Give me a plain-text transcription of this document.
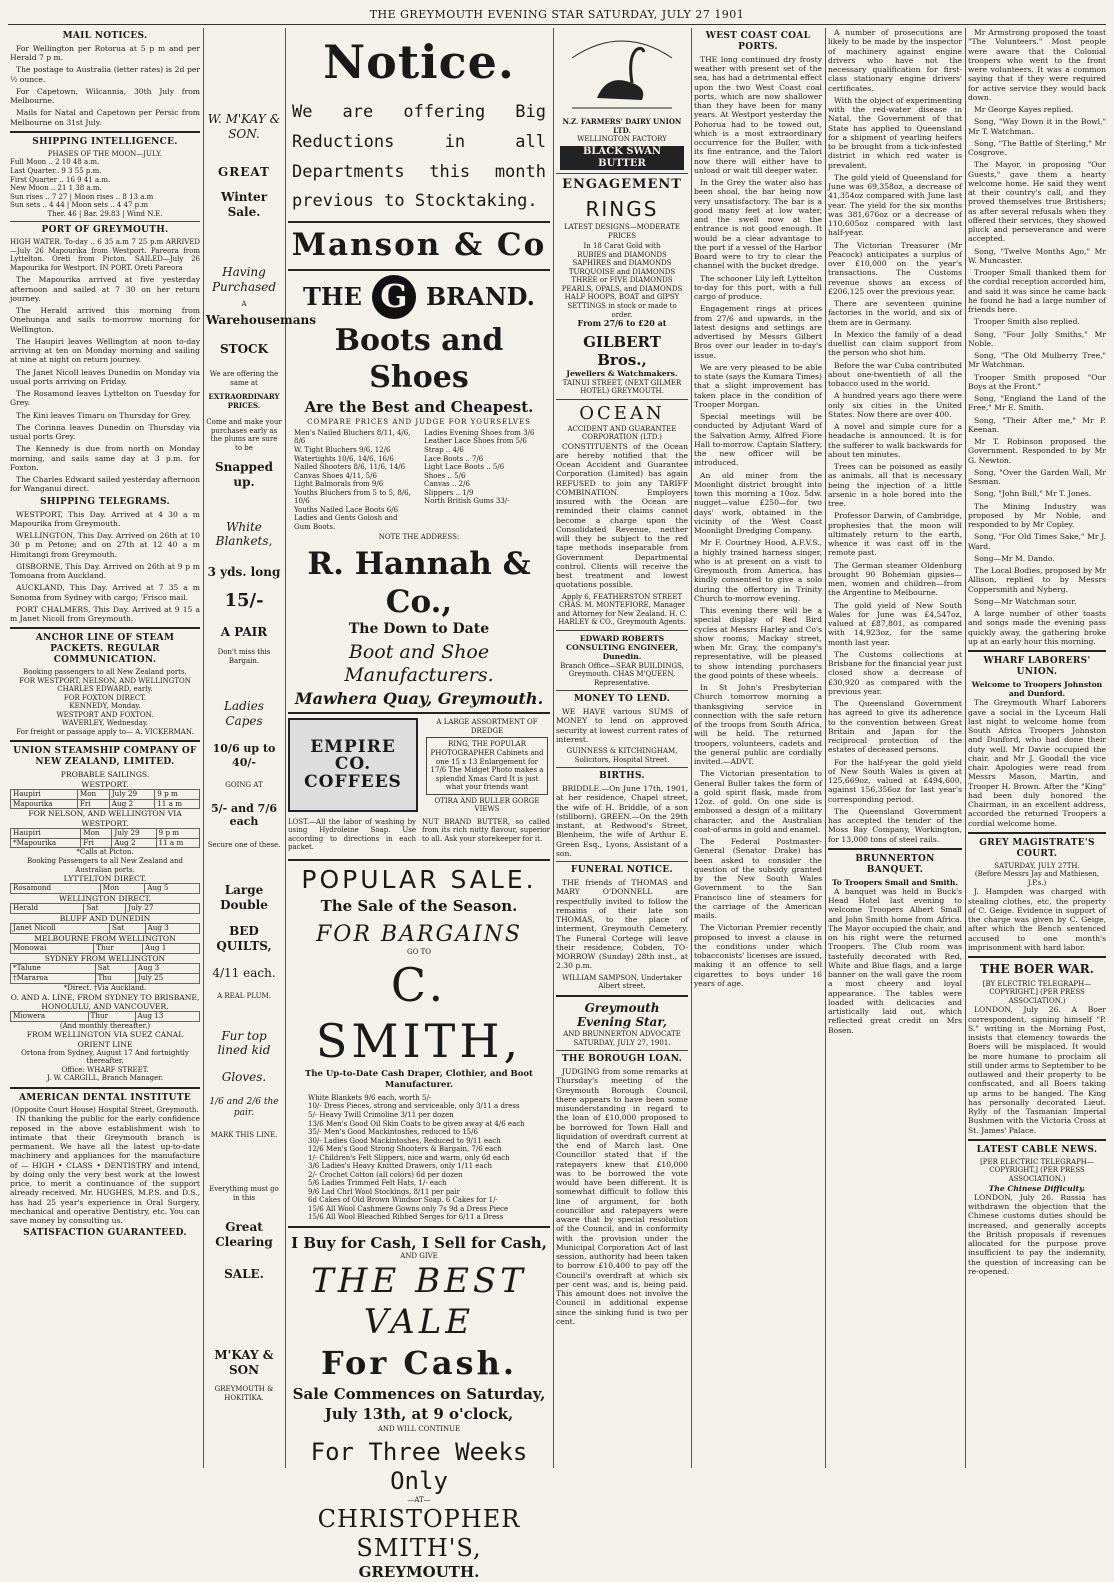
THE GREYMOUTH EVENING STAR SATURDAY, JULY 27 1901
MAIL NOTICES.
For Wellington per Rotorua at 5 p m and per Herald 7 p m.
The postage to Australia (letter rates) is 2d per ½ ounce.
For Capetown, Wilcannia, 30th July from Melbourne.
Mails for Natal and Capetown per Persic from Melbourne on 31st July.
SHIPPING INTELLIGENCE.
PHASES OF THE MOON—JULY.
Full Moon .. 2 10 48 a.m.
Last Quarter.. 9 3 55 p.m.
First Quarter .. 16 9 41 a.m.
New Moon .. 21 1 38 a.m.
Sun rises .. 7 27 | Moon rises .. 8 13 a.m
Sun sets .. 4 44 | Moon sets .. 4 47 p.m
Ther. 46 | Bar. 29.83 | Wind N.E.
PORT OF GREYMOUTH.
HIGH WATER. To-day .. 6 35 a.m 7 25 p.m ARRIVED—July 26 Mapourika from Westport. Pareora from Lyttelton. Oreti from Picton. SAILED—July 26 Mapourika for Westport. IN PORT. Oreti Pareora
The Mapourika arrived at five yesterday afternoon and sailed at 7 30 on her return journey.
The Herald arrived this morning from Onehunga and sails to-morrow morning for Wellington.
The Haupiri leaves Wellington at noon to-day arriving at ten on Monday morning and sailing at nine at night on return journey.
The Janet Nicoll leaves Dunedin on Monday via usual ports arriving on Friday.
The Rosamond leaves Lyttelton on Tuesday for Grey.
The Kini leaves Timaru on Thursday for Grey.
The Corinna leaves Dunedin on Thursday via usual ports Grey.
The Kennedy is due from north on Monday morning, and sails same day at 3 p.m. for Foxton.
The Charles Edward sailed yesterday afternoon for Wanganui direct.
SHIPPING TELEGRAMS.
WESTPORT, This Day. Arrived at 4 30 a m Mapourika from Greymouth.
WELLINGTON, This Day. Arrived on 26th at 10 30 p m Petone; and on 27th at 12 40 a m Himitangi from Greymouth.
GISBORNE, This Day. Arrived on 26th at 9 p m Tomoana from Auckland.
AUCKLAND, This Day. Arrived at 7 35 a m Sonoma from Sydney with cargo; 'Frisco mail.
PORT CHALMERS, This Day. Arrived at 9 15 a m Janet Nicoll from Greymouth.
ANCHOR LINE OF STEAM PACKETS. REGULAR COMMUNICATION.
Booking passengers to all New Zealand ports.
FOR WESTPORT, NELSON, AND WELLINGTON
CHARLES EDWARD, early.
FOR FOXTON DIRECT.
KENNEDY, Monday.
WESTPORT AND FOXTON.
WAVERLEY, Wednesday.
For freight or passage apply to— A. VICKERMAN.
UNION STEAMSHIP COMPANY OF NEW ZEALAND, LIMITED.
PROBABLE SAILINGS.
WESTPORT.
Haupiri	Mon	July 29	9 p m
Mapourika	Fri	Aug 2	11 a m
FOR NELSON, AND WELLINGTON VIA WESTPORT.
Haupiri	Mon	July 29	9 p m
*Mapourika	Fri	Aug 2	11 a m
*Calls at Picton.
Booking Passengers to all New Zealand and Australian ports.
LYTTELTON DIRECT.
Rosamond	Mon	Aug 5
WELLINGTON DIRECT.
Herald	Sat	July 27
BLUFF AND DUNEDIN
Janet Nicoll	Sat	Aug 3
MELBOURNE FROM WELLINGTON
Monowai	Thur	Aug 1
SYDNEY FROM WELLINGTON
*Talune	Sat	Aug 3
†Mararoa	Thu	July 25
*Direct. †Via Auckland.
O. AND A. LINE, FROM SYDNEY TO BRISBANE, HONOLULU, AND VANCOUVER.
Miowera	Thur	Aug 13
(And monthly thereafter.)
FROM WELLINGTON VIA SUEZ CANAL ORIENT LINE
Ortona from Sydney, August 17 And fortnightly thereafter.
Office: WHARF STREET.
J. W. CARGILL, Branch Manager.
AMERICAN DENTAL INSTITUTE
(Opposite Court House) Hospital Street, Greymouth.
IN thanking the public for the early confidence reposed in the above establishment wish to intimate that their Greymouth branch is permanent. We have all the latest up-to-date machinery and appliances for the manufacture of — HIGH • CLASS • DENTISTRY and intend, by doing only the very best work at the lowest price, to merit a continuance of the support already received. Mr. HUGHES, M.P.S. and D.S., has had 25 year's experience in Oral Surgery, mechanical and operative Dentistry, etc. You can save money by consulting us.
SATISFACTION GUARANTEED.
W. M'KAY & SON.
GREAT
Winter Sale.
Having Purchased
A
Warehousemans
STOCK
We are offering the same at
EXTRAORDINARY PRICES.
Come and make your purchases early as the plums are sure to be
Snapped up.
White Blankets,
3 yds. long
15/-
A PAIR
Don't miss this Bargain.
Ladies Capes
10/6 up to 40/-
GOING AT
5/- and 7/6 each
Secure one of these.
Large Double
BED QUILTS,
4/11 each.
A REAL PLUM.
Fur top lined kid
Gloves.
1/6 and 2/6 the pair.
MARK THIS LINE.
Everything must go in this
Great Clearing
SALE.
M'KAY & SON
GREYMOUTH & HOKITIKA.
Notice.
We are offering Big Reductions in all Departments this month previous to Stocktaking.
Manson & Co
THE G BRAND.
Boots and Shoes
Are the Best and Cheapest.
COMPARE PRICES AND JUDGE FOR YOURSELVES
Men's Nailed Bluchers 8/11, 4/6, 8/6
W. Tight Bluchers 9/6, 12/6
Watertights 10/6, 14/6, 16/6
Nailed Shooters 8/6, 11/6, 14/6
Canvas Shoes 4/11, 5/6
Light Balmorals from 9/6
Youths Bluchers from 5 to 5, 8/6, 10/6
Youths Nailed Lace Boots 6/6
Ladies and Gents Golosh and Gum Boots.
Ladies Evening Shoes from 3/6
Leather Lace Shoes from 5/6
Strap .. 4/6
Lace Boots .. 7/6
Light Lace Boots .. 5/6
Shoes .. 5/6
Canvas .. 2/6
Slippers .. 1/9
North British Gums 33/-
NOTE THE ADDRESS:
R. Hannah & Co.,
The Down to Date
Boot and Shoe Manufacturers.
Mawhera Quay, Greymouth.
EMPIRE CO. COFFEES
A LARGE ASSORTMENT OF DREDGE
RING, THE POPULAR PHOTOGRAPHER Cabinets and one 15 x 13 Enlargement for 17/6 The Midget Photo makes a splendid Xmas Card It is just what your friends want
OTIRA AND BULLER GORGE VIEWS
LOST.—All the labor of washing by using Hydroleine Soap. Use according to directions in each packet.
NUT BRAND BUTTER, so called from its rich nutty flavour, superior to all. Ask your storekeeper for it.
POPULAR SALE.
The Sale of the Season.
FOR BARGAINS
GO TO
C. SMITH,
The Up-to-Date Cash Draper, Clothier, and Boot Manufacturer.
White Blankets 9/6 each, worth 5/-
10/- Dress Pieces, strong and serviceable, only 3/11 a dress
5/- Heavy Twill Crimoline 3/11 per dozen
13/6 Men's Good Oil Skin Coats to be given away at 4/6 each
35/- Men's Good Mackintoshes, reduced to 15/6
30/- Ladies Good Mackintoshes, Reduced to 9/11 each
12/6 Men's Good Strong Shooters & Bargain, 7/6 each
1/- Children's Felt Slippers, nice and warm, only 6d each
3/6 Ladies's Heavy Knitted Drawers, only 1/11 each
2/- Crochet Cotton (all colors) 6d per dozen
5/6 Ladies Trimmed Felt Hats, 1/- each
9/6 Lad Chrl Wool Stockings, 8/11 per pair
6d Cakes of Old Brown Windsor Soap, 6 Cakes for 1/-
15/6 All Wool Cashmere Gowns only 7s 9d a Dress Piece
15/6 All Wool Bleached Ribbed Serges for 6/11 a Dress
I Buy for Cash, I Sell for Cash,
AND GIVE
THE BEST VALE
For Cash.
Sale Commences on Saturday,
July 13th, at 9 o'clock,
AND WILL CONTINUE
For Three Weeks Only
—AT—
CHRISTOPHER SMITH'S,
GREYMOUTH.
N.Z. FARMERS' DAIRY UNION LTD.
WELLINGTON FACTORY
BLACK SWAN BUTTER
ENGAGEMENT
RINGS
LATEST DESIGNS—MODERATE PRICES
In 18 Carat Gold with
RUBIES and DIAMONDS
SAPHIRES and DIAMONDS
TURQUOISE and DIAMONDS
THREE or FIVE DIAMONDS
PEARLS, OPALS, and DIAMONDS
HALF HOOPS, BOAT and GIPSY SETTINGS in stock or made to order.
From 27/6 to £20 at
GILBERT Bros.,
Jewellers & Watchmakers.
TAINUI STREET, (NEXT GILMER HOTEL) GREYMOUTH.
OCEAN
ACCIDENT AND GUARANTEE CORPORATION (LTD.)
CONSTITUENTS of the Ocean are hereby notified that the Ocean Accident and Guarantee Corporation (Limited) has again REFUSED to join any TARIFF COMBINATION. Employers insured with the Ocean are reminded their claims cannot become a charge upon the Consolidated Revenue, neither will they be subject to the red tape methods inseparable from Government Departmental control. Clients will receive the best treatment and lowest quotations possible.
Apply 6, FEATHERSTON STREET CHAS. M. MONTEFIORE, Manager and Attorney for New Zealand. H. C. HARLEY & CO., Greymouth Agents.
EDWARD ROBERTS CONSULTING ENGINEER, Dunedin.
Branch Office—SEAR BUILDINGS, Greymouth. CHAS M'QUEEN, Representative.
MONEY TO LEND.
WE HAVE various SUMS of MONEY to lend on approved security at lowest current rates of interest.
GUINNESS & KITCHINGHAM, Solicitors, Hospital Street.
BIRTHS.
BRIDDLE.—On June 17th, 1901, at her residence, Chapel street, the wife of H. Briddle, of a son (stillborn). GREEN.—On the 29th instant, at Redwood's Street, Blenheim, the wife of Arthur E. Green Esq., Lyons, Assistant of a son.
FUNERAL NOTICE.
THE friends of THOMAS and MARY O'DONNELL are respectfully invited to follow the remains of their late son THOMAS, to the place of interment, Greymouth Cemetery. The Funeral Cortege will leave their residence, Cobden, TO-MORROW (Sunday) 28th inst., at 2.30 p.m.
WILLIAM SAMPSON, Undertaker Albert street.
Greymouth Evening Star,
AND BRUNNERTON ADVOCATE
SATURDAY, JULY 27, 1901.
THE BOROUGH LOAN.
JUDGING from some remarks at Thursday's meeting of the Greymouth Borough Council, there appears to have been some misunderstanding in regard to the loan of £10,000 proposed to be borrowed for Town Hall and liquidation of overdraft current at the end of March last. One Councillor stated that if the ratepayers knew that £10,000 was to be borrowed the vote would have been different. It is somewhat difficult to follow this line of argument, for both councillor and ratepayers were aware that by special resolution of the Council, and in conformity with the provision under the Municipal Corporation Act of last session, authority had been taken to borrow £10,400 to pay off the Council's overdraft at which six per cent was, and is, being paid. This amount does not involve the Council in additional expense since the sinking fund is two per cent.
WEST COAST COAL PORTS.
THE long continued dry frosty weather with present set of the sea, has had a detrimental effect upon the two West Coast coal ports, which are now shallower than they have been for many years. At Westport yesterday the Pohorua had to be towed out, which is a most extraordinary occurrence for the Buller, with its fine entrance, and the Talori now there will either have to unload or wait till deeper water.
In the Grey the water also has been shoal, the bar being now very unsatisfactory. The bar is a good many feet at low water, and the swell now at the entrance is not good enough. It would be a clear advantage to the port if a vessel of the Harbor Board were to try to clear the channel with the bucket dredge.
The schooner Lily left Lyttelton to-day for this port, with a full cargo of produce.
Engagement rings at prices from 27/6 and upwards, in the latest designs and settings are advertised by Messrs Gilbert Bros over our leader in to-day's issue.
We are very pleased to be able to state (says the Kumara Times) that a slight improvement has taken place in the condition of Trooper Morgan.
Special meetings will be conducted by Adjutant Ward of the Salvation Army, Alfred Fiore Hall to-morrow. Captain Slattery, the new officer will be introduced.
An old miner from the Moonlight district brought into town this morning a 10oz. 5dw. nugget—value £250—for two days' work, obtained in the vicinity of the West Coast Moonlight Dredging Company.
Mr F. Courtney Hood, A.F.V.S., a highly trained harness singer, who is at present on a visit to Greymouth from America, has kindly consented to give a solo during the offertory in Trinity Church to-morrow evening.
This evening there will be a special display of Red Bird cycles at Messrs Harley and Co's show rooms, Mackay street, when Mr. Gray, the company's representative, will be pleased to show intending purchasers the good points of these wheels.
In St John's Presbyterian Church tomorrow morning a thanksgiving service in connection with the safe return of the troops from South Africa, will be held. The returned troopers, volunteers, cadets and the general public are cordially invited.—ADVT.
The Victorian presentation to General Buller takes the form of a gold spirit flask, made from 12oz. of gold. On one side is embossed a design of a military character, and the Australian coat-of-arms in gold and enamel.
The Federal Postmaster-General (Senator Drake) has been asked to consider the question of the subsidy granted by the New South Wales Government to the San Francisco line of steamers for the carriage of the American mails.
The Victorian Premier recently proposed to invest a clause in the conditions under which tobacconists' licenses are issued, making it an offence to sell cigarettes to boys under 16 years of age.
A number of prosecutions are likely to be made by the inspector of machinery against engine drivers who have not the necessary qualification for first-class stationary engine drivers' certificates.
With the object of experimenting with the red-water disease in Natal, the Government of that State has applied to Queensland for a shipment of yearling heifers to be brought from a tick-infested district in which red water is prevalent.
The gold yield of Queensland for June was 69,358oz, a decrease of 41,354oz compared with June last year. The yield for the six months was 381,676oz or a decrease of 110,605oz compared with last half-year.
The Victorian Treasurer (Mr Peacock) anticipates a surplus of over £10,000 on the year's transactions. The Customs revenue shows an excess of £206,125 over the previous year.
There are seventeen quinine factories in the world, and six of them are in Germany.
In Mexico the family of a dead duellist can claim support from the person who shot him.
Before the war Cuba contributed about one-twentieth of all the tobacco used in the world.
A hundred years ago there were only six cities in the United States. Now there are over 400.
A novel and simple cure for a headache is announced. It is for the sufferer to walk backwards for about ten minutes.
Trees can be poisoned as easily as animals, all that is necessary being the injection of a little arsenic in a hole bored into the tree.
Professor Darwin, of Cambridge, prophesies that the moon will ultimately return to the earth, whence it was cast off in the remote past.
The German steamer Oldenburg brought 90 Bohemian gipsies—men, women and children—from the Argentine to Melbourne.
The gold yield of New South Wales for June was £4,547oz, valued at £87,801, as compared with 14,923oz, for the same month last year.
The Customs collections at Brisbane for the financial year just closed show a decrease of £30,920 as compared with the previous year.
The Queensland Government has agreed to give its adherence to the convention between Great Britain and Japan for the reciprocal protection of the estates of deceased persons.
For the half-year the gold yield of New South Wales is given at 125,669oz, valued at £494,600, against 156,356oz for last year's corresponding period.
The Queensland Government has accepted the tender of the Moss Bay Company, Workington, for 13,000 tons of steel rails.
BRUNNERTON BANQUET.
To Troopers Small and Smith.
A banquet was held in Buck's Head Hotel last evening to welcome Troopers Albert Small and John Smith home from Africa. The Mayor occupied the chair, and on his right were the returned Troopers. The Club room was tastefully decorated with Red, White and Blue flags, and a large banner on the wall gave the room a most cheery and loyal appearance. The tables were loaded with delicacies and artistically laid out, which reflected great credit on Mrs Bosen.
Mr Armstrong proposed the toast "The Volunteers." Most people were aware that the Colonial troopers who went to the front were volunteers. It was a common saying that if they were required for active service they would back down.
Mr George Kayes replied.
Song, "Way Down it in the Bowl," Mr T. Watchman.
Song, "The Battle of Sterling," Mr Cosgrove.
The Mayor, in proposing "Our Guests," gave them a hearty welcome home. He said they went at their country's call, and they proved themselves true Britishers; as after several refusals when they offered their services, they showed pluck and perseverance and were accepted.
Song, "Twelve Months Ago," Mr W. Muncaster.
Trooper Small thanked them for the cordial reception accorded him, and said it was since he came back he found he had a large number of friends here.
Trooper Smith also replied.
Song, "Four Jolly Smiths," Mr Noble.
Song, "The Old Mulberry Tree," Mr Watchman.
Trooper Smith proposed "Our Boys at the Front."
Song, "England the Land of the Free," Mr E. Smith.
Song, "Their After me," Mr P. Keenan.
Mr T. Robinson proposed the Government. Responded to by Mr G. Newton.
Song, "Over the Garden Wall, Mr Sesman.
Song, "John Bull," Mr T. Jones.
The Mining Industry was proposed by Mr Noble, and responded to by Mr Copley.
Song, "For Old Times Sake," Mr J. Ward.
Song—Mr M. Dando.
The Local Bodies, proposed by Mr Allison, replied to by Messrs Coppersmith and Nyberg.
Song—Mr Watchman sour.
A large number of other toasts and songs made the evening pass quickly away, the gathering broke up at an early hour this morning.
WHARF LABORERS' UNION.
Welcome to Troopers Johnston and Dunford.
The Greymouth Wharf Laborers gave a social in the Lyceum Hall last night to welcome home from South Africa Troopers Johnston and Dunford, who had done their duty well. Mr Davie occupied the chair, and Mr J. Goodall the vice chair. Apologies were read from Messrs Mason, Martin, and Trooper H. Brown. After the "King" had been duly honored the Chairman, in an excellent address, accorded the returned Troopers a cordial welcome home.
GREY MAGISTRATE'S COURT.
SATURDAY, JULY 27TH.
(Before Messrs Jay and Mathiesen, J.P.s.)
J. Hampden was charged with stealing clothes, etc, the property of C. Geige. Evidence in support of the charge was given by C. Geige, after which the Bench sentenced accused to one month's imprisonment with hard labor.
THE BOER WAR.
[BY ELECTRIC TELEGRAPH—COPYRIGHT.] (PER PRESS ASSOCIATION.)
LONDON, July 26. A Boer correspondent, signing himself "P. S." writing in the Morning Post, insists that clemency towards the Boers will be misplaced. It would be more humane to proclaim all still under arms to September to be outlawed and their property to be confiscated, and all Boers taking up arms to be hanged. The King has personally decorated Lieut. Rylly of the Tasmanian Imperial Bushmen with the Victoria Cross at St. James' Palace.
LATEST CABLE NEWS.
[PER ELECTRIC TELEGRAPH—COPYRIGHT.] (PER PRESS ASSOCIATION.)
The Chinese Difficulty.
LONDON, July 26. Russia has withdrawn the objection that the Chinese customs duties should be increased, and generally accepts the British proposals if revenues allocated for the purpose prove insufficient to pay the indemnity, the question of increasing can be re-opened.
